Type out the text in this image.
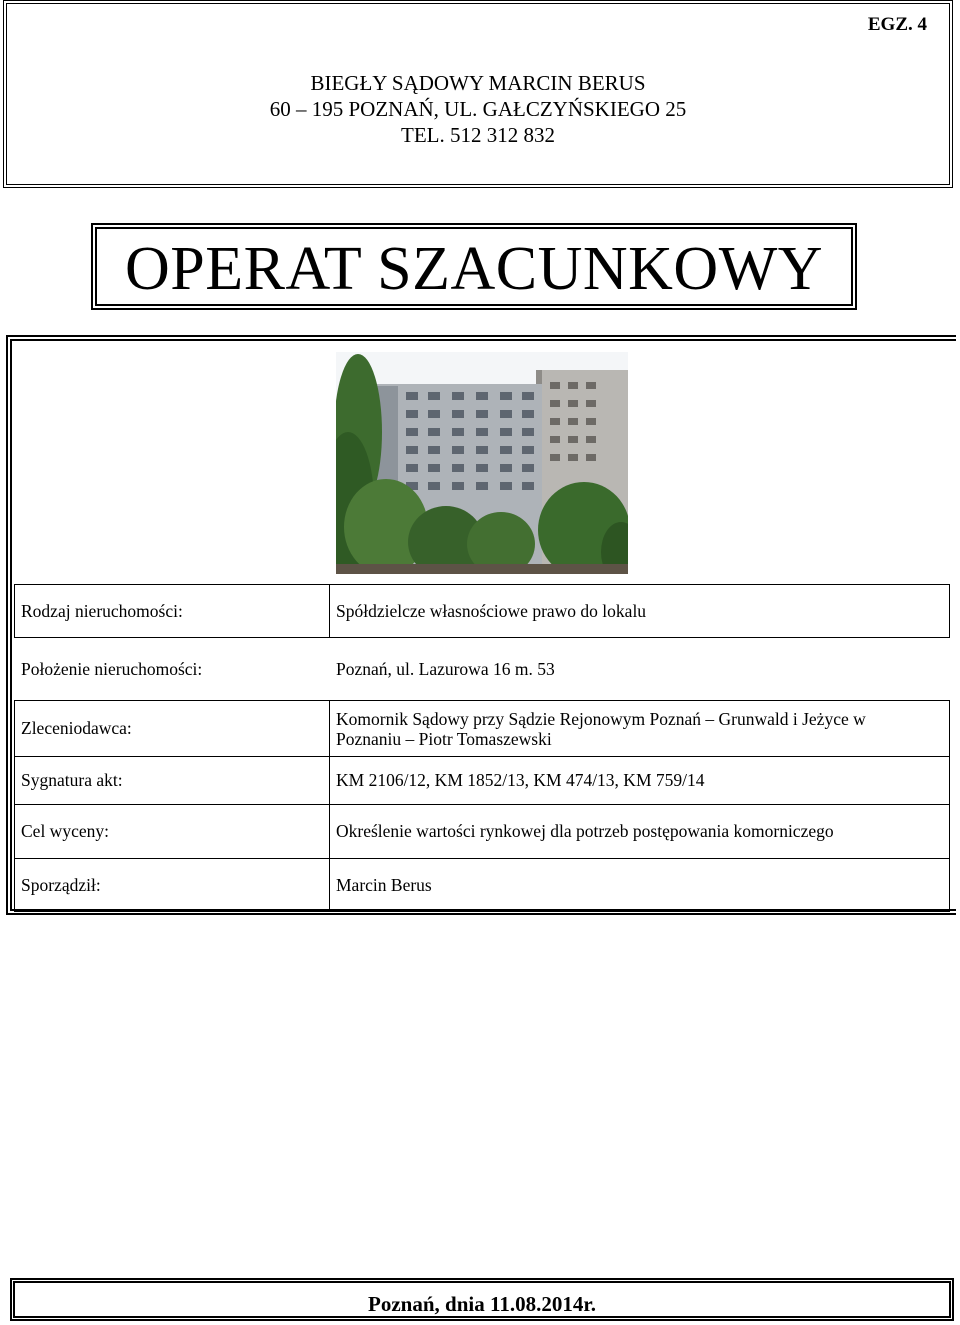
EGZ. 4
BIEGŁY SĄDOWY MARCIN BERUS
60 – 195 POZNAŃ, UL. GAŁCZYŃSKIEGO 25
TEL. 512 312 832
OPERAT SZACUNKOWY
Rodzaj nieruchomości:	Spółdzielcze własnościowe prawo do lokalu
Położenie nieruchomości:	Poznań, ul. Lazurowa 16 m. 53
Zleceniodawca:	Komornik Sądowy przy Sądzie Rejonowym Poznań – Grunwald i Jeżyce w
Poznaniu – Piotr Tomaszewski

Sygnatura akt:	KM 2106/12, KM 1852/13, KM 474/13, KM 759/14
Cel wyceny:	Określenie wartości rynkowej dla potrzeb postępowania komorniczego
Sporządził:	Marcin Berus
Poznań, dnia 11.08.2014r.
